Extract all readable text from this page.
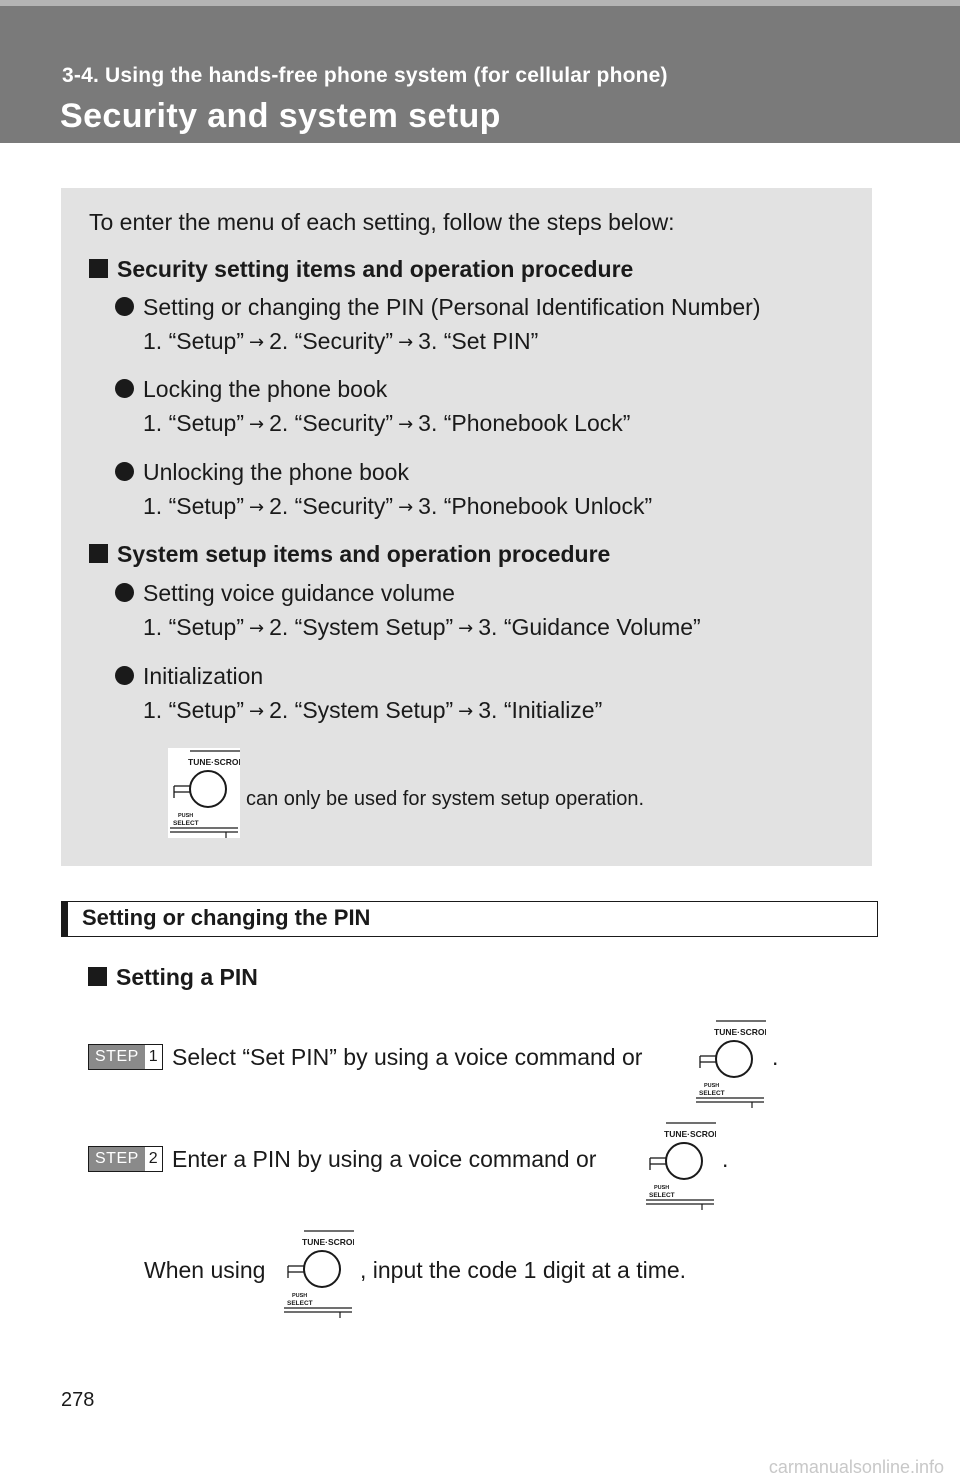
3-4. Using the hands-free phone system (for cellular phone)
Security and system setup
To enter the menu of each setting, follow the steps below:
Security setting items and operation procedure
Setting or changing the PIN (Personal Identification Number)
1. “Setup” → 2. “Security” → 3. “Set PIN”
Locking the phone book
1. “Setup” → 2. “Security” → 3. “Phonebook Lock”
Unlocking the phone book
1. “Setup” → 2. “Security” → 3. “Phonebook Unlock”
System setup items and operation procedure
Setting voice guidance volume
1. “Setup” → 2. “System Setup” → 3. “Guidance Volume”
Initialization
1. “Setup” → 2. “System Setup” → 3. “Initialize”
can only be used for system setup operation.
Setting or changing the PIN
Setting a PIN
STEP 1 Select “Set PIN” by using a voice command or	.
STEP 2 Enter a PIN by using a voice command or	.
When using	, input the code 1 digit at a time.
278
carmanualsonline.info
